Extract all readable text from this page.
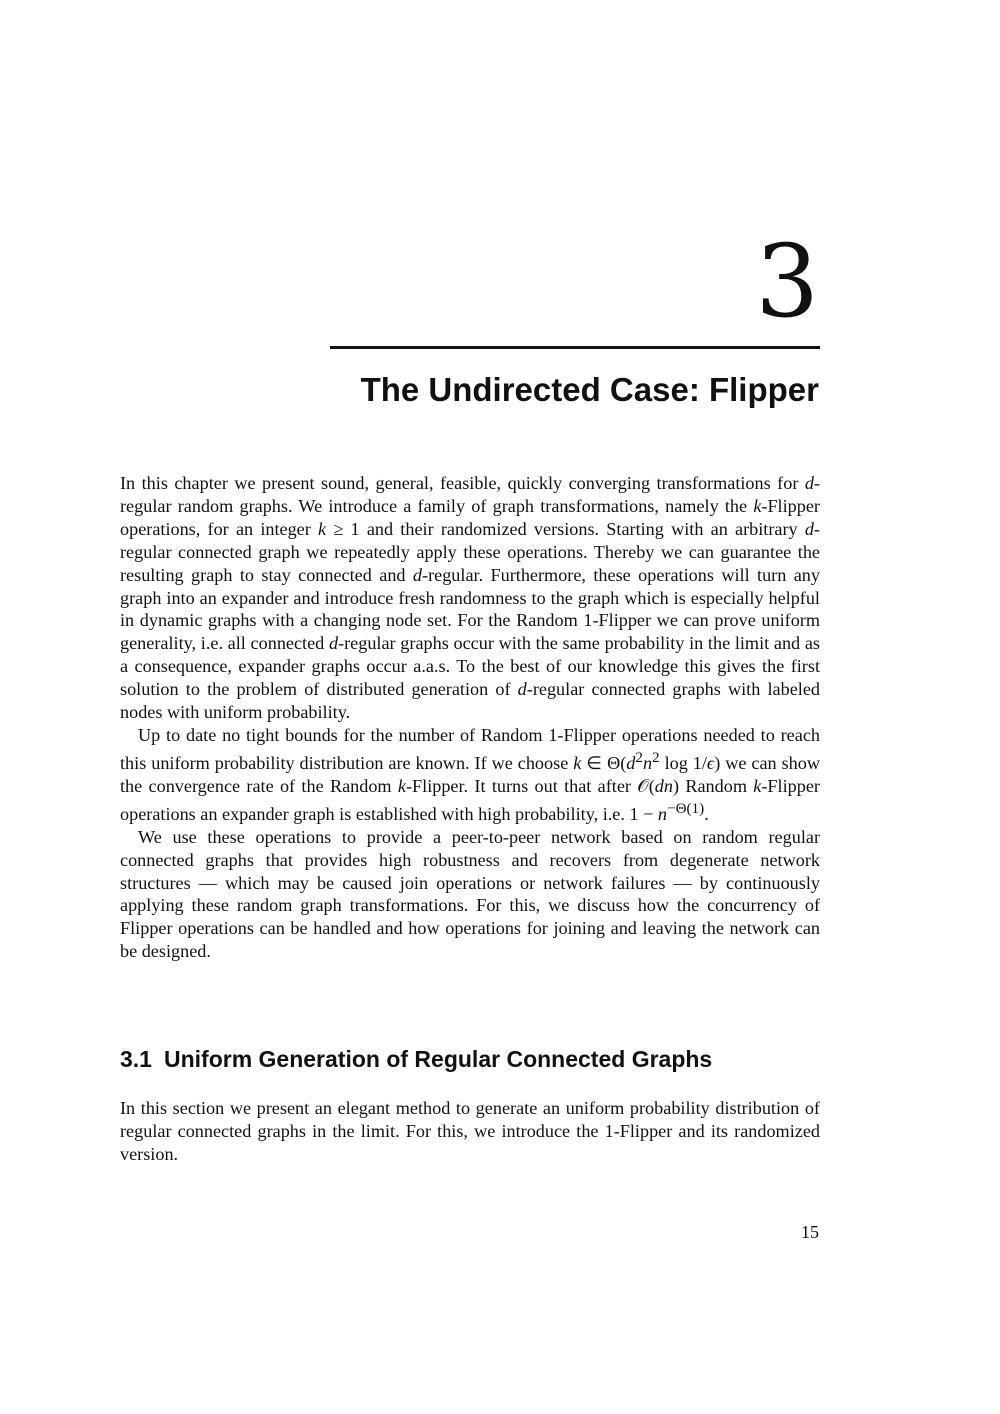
3
The Undirected Case: Flipper

In this chapter we present sound, general, feasible, quickly converging transformations for d-regular random graphs. We introduce a family of graph transformations, namely the k-Flipper operations, for an integer k ≥ 1 and their randomized versions. Starting with an arbitrary d-regular connected graph we repeatedly apply these operations. Thereby we can guarantee the resulting graph to stay connected and d-regular. Furthermore, these operations will turn any graph into an expander and introduce fresh randomness to the graph which is especially helpful in dynamic graphs with a changing node set. For the Random 1-Flipper we can prove uniform generality, i.e. all connected d-regular graphs occur with the same probability in the limit and as a consequence, expander graphs occur a.a.s. To the best of our knowledge this gives the first solution to the problem of distributed generation of d-regular connected graphs with labeled nodes with uniform probability.

Up to date no tight bounds for the number of Random 1-Flipper operations needed to reach this uniform probability distribution are known. If we choose k ∈ $\Theta(d^2n^2$ log 1/ϵ) we can show the convergence rate of the Random k-Flipper. It turns out that after 𝒪(dn) Random k-Flipper operations an expander graph is established with high probability, i.e. $1 - n^{-\Theta(1)}$.

We use these operations to provide a peer-to-peer network based on random regular connected graphs that provides high robustness and recovers from degenerate network structures — which may be caused join operations or network failures — by continuously applying these random graph transformations. For this, we discuss how the concurrency of Flipper operations can be handled and how operations for joining and leaving the network can be designed.

3.1 Uniform Generation of Regular Connected Graphs

In this section we present an elegant method to generate an uniform probability distribution of regular connected graphs in the limit. For this, we introduce the 1-Flipper and its randomized version.

15
